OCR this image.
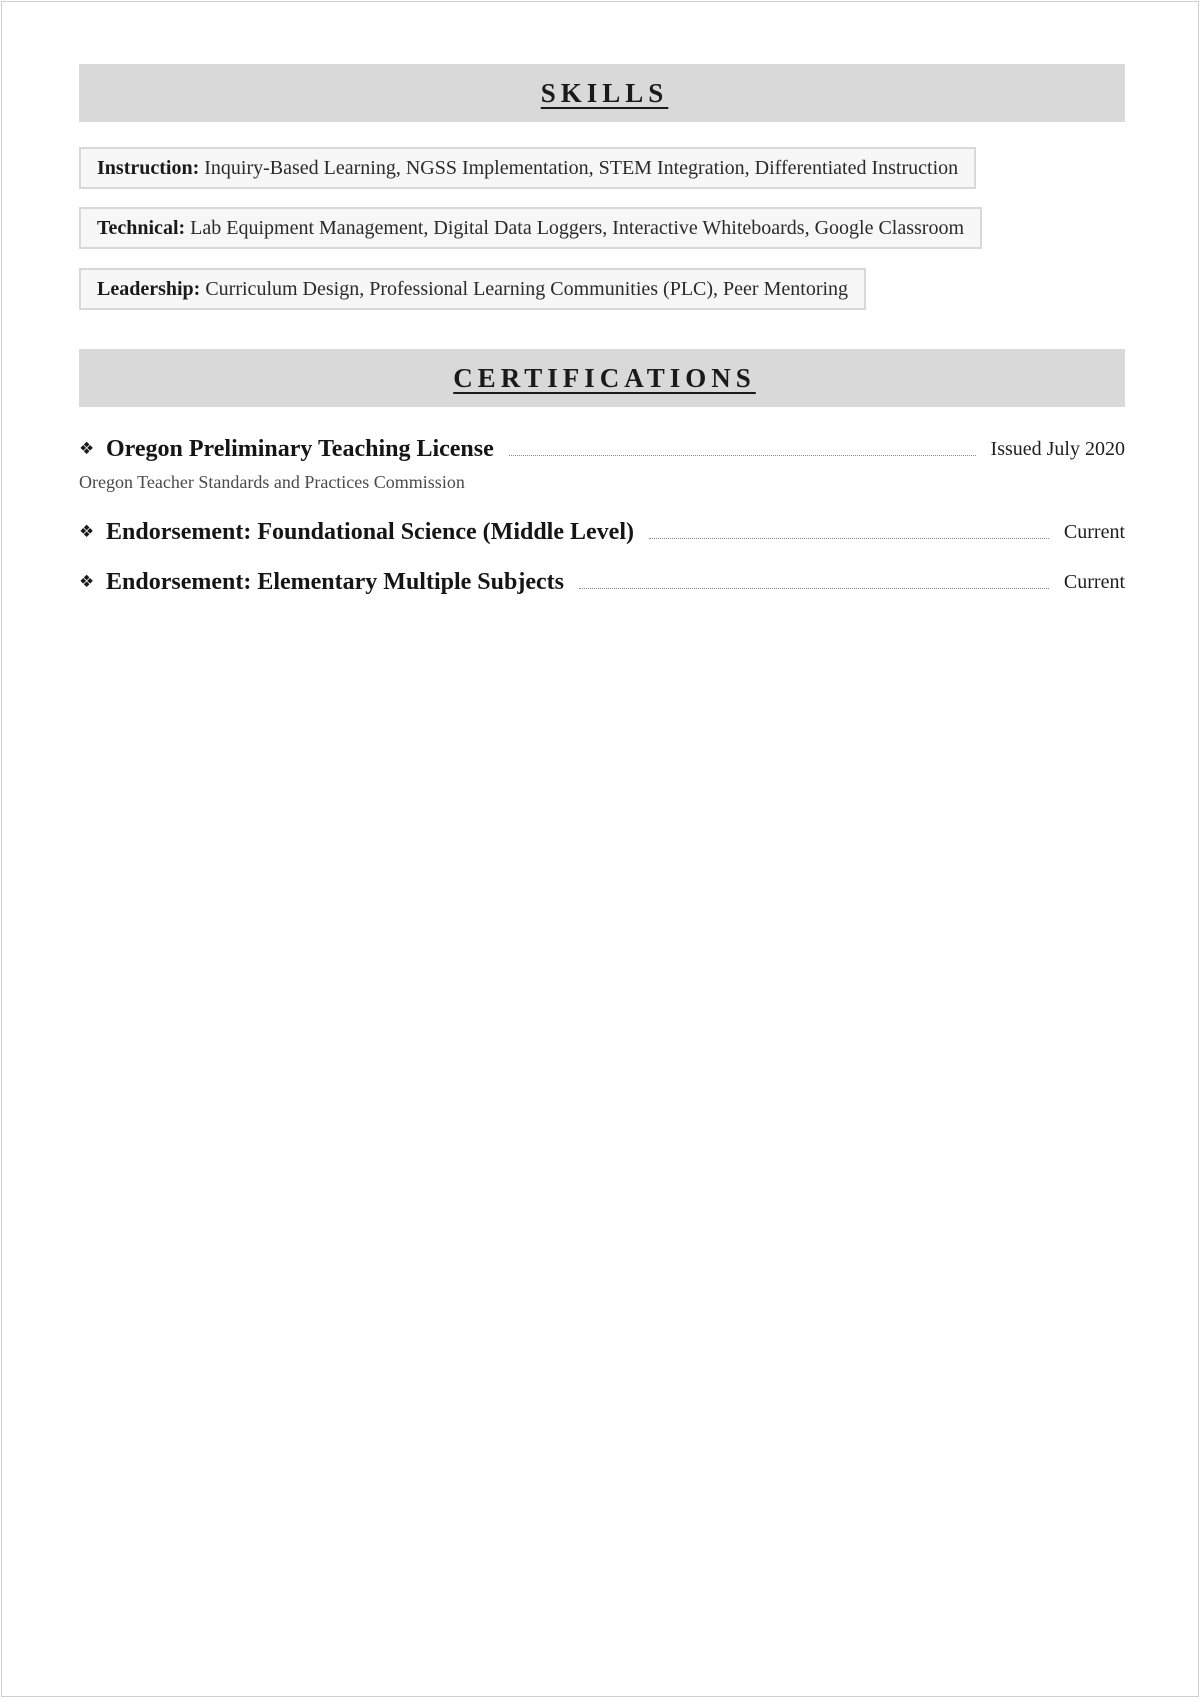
SKILLS
Instruction: Inquiry-Based Learning, NGSS Implementation, STEM Integration, Differentiated Instruction
Technical: Lab Equipment Management, Digital Data Loggers, Interactive Whiteboards, Google Classroom
Leadership: Curriculum Design, Professional Learning Communities (PLC), Peer Mentoring
CERTIFICATIONS
❖ Oregon Preliminary Teaching License	Issued July 2020
Oregon Teacher Standards and Practices Commission
❖ Endorsement: Foundational Science (Middle Level)	Current
❖ Endorsement: Elementary Multiple Subjects	Current
